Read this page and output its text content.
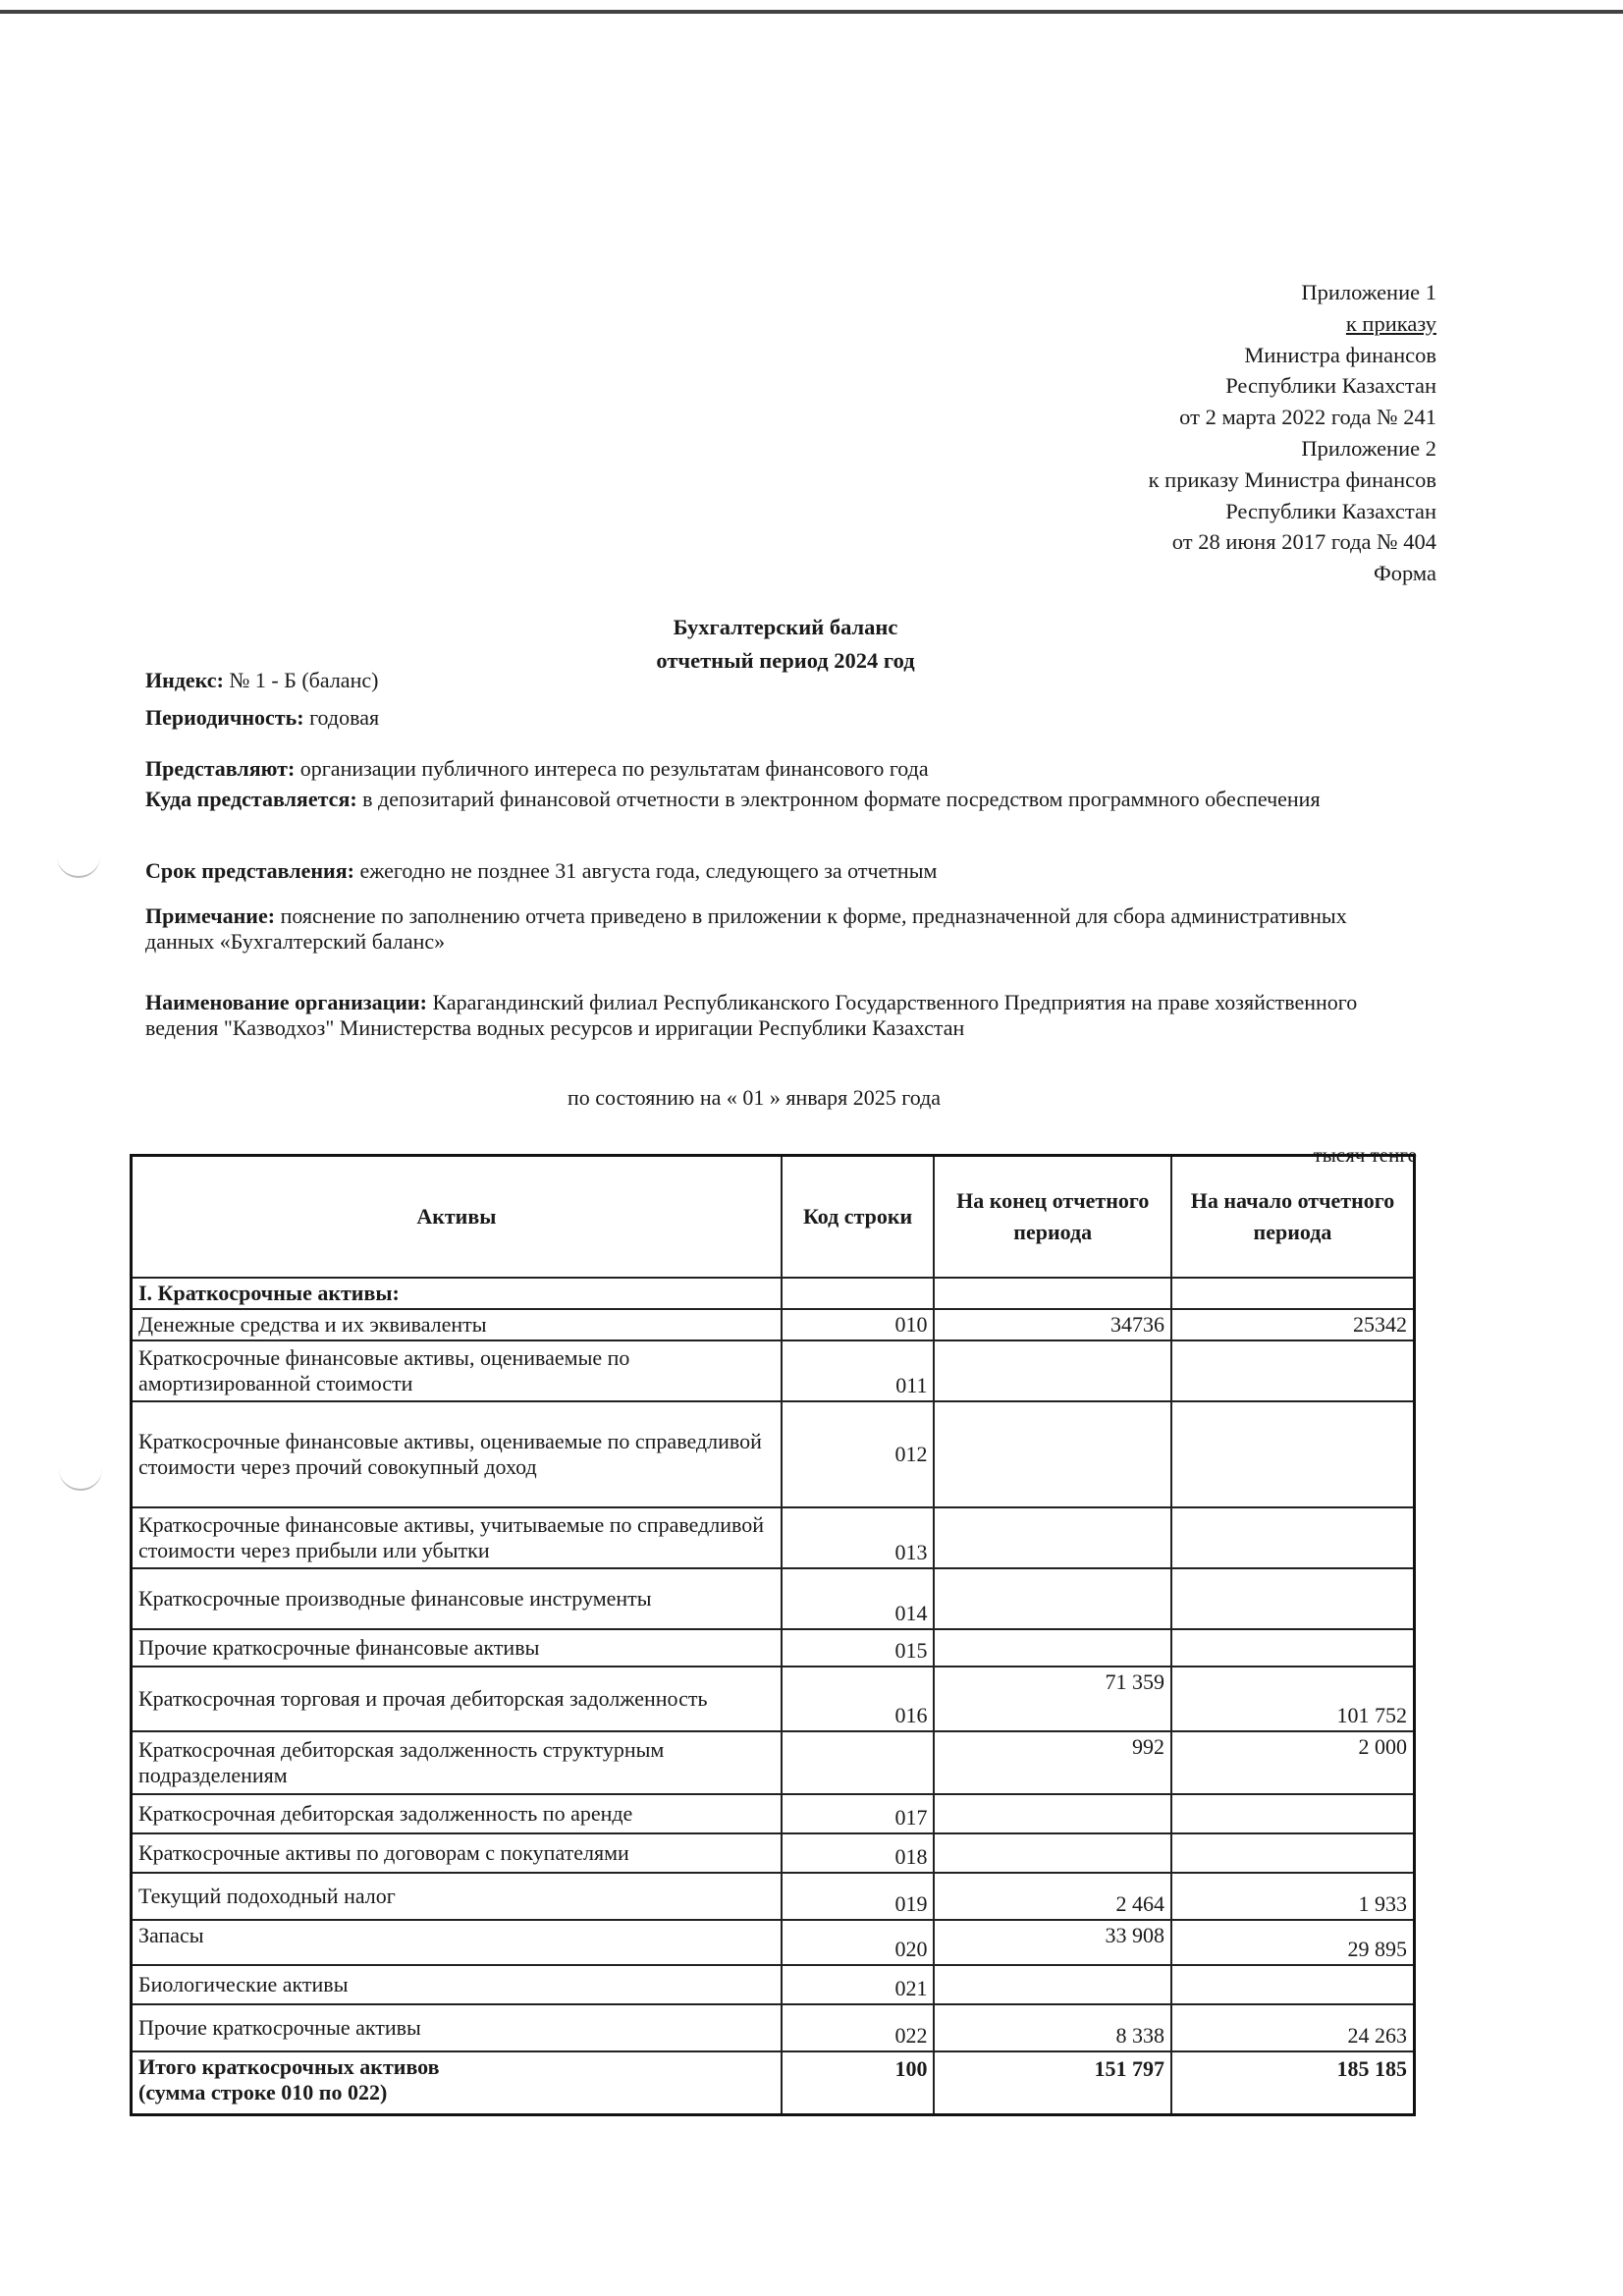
Приложение 1
к приказу
Министра финансов
Республики Казахстан
от 2 марта 2022 года № 241
Приложение 2
к приказу Министра финансов
Республики Казахстан
от 28 июня 2017 года № 404
Форма
Бухгалтерский баланс
отчетный период 2024 год
Индекс: № 1 - Б (баланс)
Периодичность: годовая
Представляют: организации публичного интереса по результатам финансового года
Куда представляется: в депозитарий финансовой отчетности в электронном формате посредством программного обеспечения
Срок представления: ежегодно не позднее 31 августа года, следующего за отчетным
Примечание: пояснение по заполнению отчета приведено в приложении к форме, предназначенной для сбора административных данных «Бухгалтерский баланс»
Наименование организации: Карагандинский филиал Республиканского Государственного Предприятия на праве хозяйственного ведения "Казводхоз" Министерства водных ресурсов и ирригации Республики Казахстан
по состоянию на « 01 » января 2025 года
тысяч тенге
Активы	Код строки	На конец отчетного периода	На начало отчетного периода
I. Краткосрочные активы:			
Денежные средства и их эквиваленты	010	34736	25342
Краткосрочные финансовые активы, оцениваемые по амортизированной стоимости	011		
Краткосрочные финансовые активы, оцениваемые по справедливой стоимости через прочий совокупный доход	012		
Краткосрочные финансовые активы, учитываемые по справедливой стоимости через прибыли или убытки	013		
Краткосрочные производные финансовые инструменты	014		
Прочие краткосрочные финансовые активы	015		
Краткосрочная торговая и прочая дебиторская задолженность	016	71 359	101 752
Краткосрочная дебиторская задолженность структурным подразделениям		992	2 000
Краткосрочная дебиторская задолженность по аренде	017		
Краткосрочные активы по договорам с покупателями	018		
Текущий подоходный налог	019	2 464	1 933
Запасы	020	33 908	29 895
Биологические активы	021		
Прочие краткосрочные активы	022	8 338	24 263

Итого краткосрочных активов
(сумма строке 010 по 022)	100	151 797	185 185
